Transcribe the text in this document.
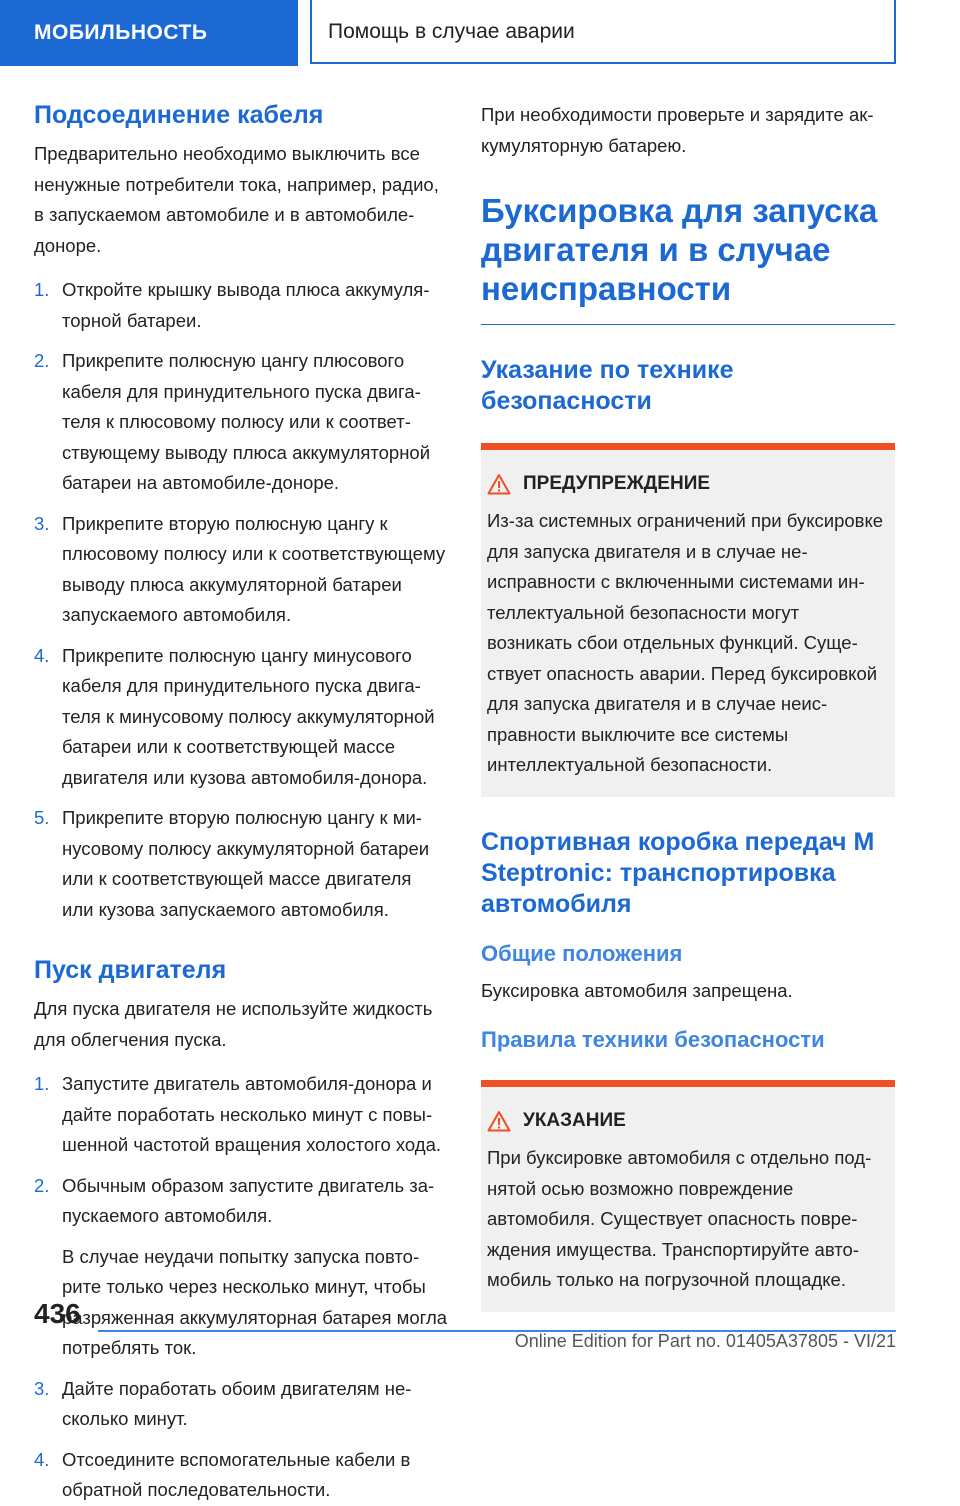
МОБИЛЬНОСТЬ	Помощь в случае аварии
Подсоединение кабеля

Предварительно необходимо выключить все ненужные потребители тока, например, радио, в запускаемом автомобиле и в автомобиле-доноре.

1. Откройте крышку вывода плюса аккумуляторной батареи.
2. Прикрепите полюсную цангу плюсового кабеля для принудительного пуска двигателя к плюсовому полюсу или к соответствующему выводу плюса аккумуляторной батареи на автомобиле-доноре.
3. Прикрепите вторую полюсную цангу к плюсовому полюсу или к соответствующему выводу плюса аккумуляторной батареи запускаемого автомобиля.
4. Прикрепите полюсную цангу минусового кабеля для принудительного пуска двигателя к минусовому полюсу аккумуляторной батареи или к соответствующей массе двигателя или кузова автомобиля-донора.
5. Прикрепите вторую полюсную цангу к минусовому полюсу аккумуляторной батареи или к соответствующей массе двигателя или кузова запускаемого автомобиля.
Пуск двигателя

Для пуска двигателя не используйте жидкость для облегчения пуска.

1. Запустите двигатель автомобиля-донора и дайте поработать несколько минут с повышенной частотой вращения холостого хода.
2. Обычным образом запустите двигатель запускаемого автомобиля.
В случае неудачи попытку запуска повторите только через несколько минут, чтобы разряженная аккумуляторная батарея могла потреблять ток.
3. Дайте поработать обоим двигателям несколько минут.
4. Отсоедините вспомогательные кабели в обратной последовательности.

При необходимости проверьте и зарядите аккумуляторную батарею.

Буксировка для запуска двигателя и в случае неисправности
Указание по технике безопасности
ПРЕДУПРЕЖДЕНИЕ

Из-за системных ограничений при буксировке для запуска двигателя и в случае неисправности с включенными системами интеллектуальной безопасности могут возникать сбои отдельных функций. Существует опасность аварии. Перед буксировкой для запуска двигателя и в случае неисправности выключите все системы интеллектуальной безопасности.

Спортивная коробка передач M Steptronic: транспортировка автомобиля
Общие положения

Буксировка автомобиля запрещена.

Правила техники безопасности
УКАЗАНИЕ

При буксировке автомобиля с отдельно поднятой осью возможно повреждение автомобиля. Существует опасность повреждения имущества. Транспортируйте автомобиль только на погрузочной площадке.

436
Online Edition for Part no. 01405A37805 - VI/21
